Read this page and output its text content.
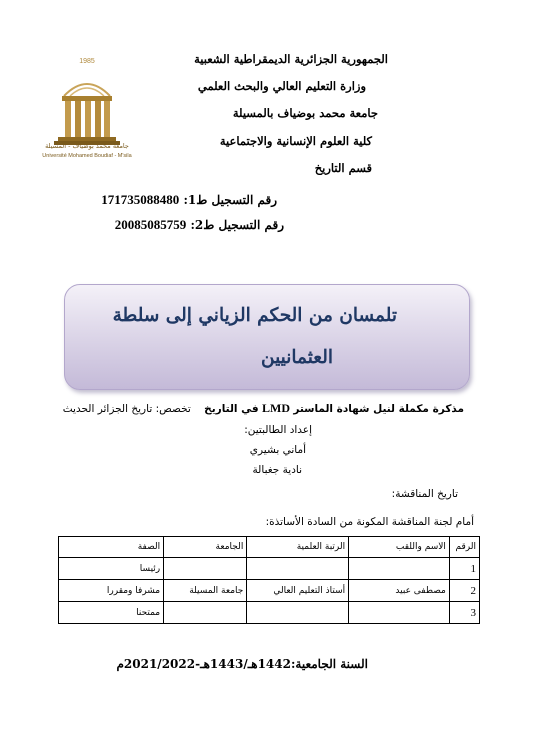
الجمهورية الجزائرية الديمقراطية الشعبية
وزارة التعليم العالي والبحث العلمي
جامعة محمد بوضياف بالمسيلة
كلية العلوم الإنسانية والاجتماعية
قسم التاريخ
1985
جامعة محمد بوضياف - المسيلة
Université Mohamed Boudiaf - M'sila
171735088480 رقم التسجيل ط1:
20085085759 رقم التسجيل ط2:
تلمسان من الحكم الزياني إلى سلطة
العثمانيين
مذكرة مكملة لنيل شهادة الماستر LMD في التاريخ    تخصص: تاريخ الجزائر الحديث
إعداد الطالبتين:
أماني بشيري
نادية جغبالة
تاريخ المناقشة:
أمام لجنة المناقشة المكونة من السادة الأساتذة:
الرقم	الاسم واللقب	الرتبة العلمية	الجامعة	الصفة
1				رئيسا
2	مصطفى عبيد	أستاذ التعليم العالي	جامعة المسيلة	مشرفا ومقررا
3				ممتحنا
السنة الجامعية:1442هـ/1443هـ-2021/2022م
